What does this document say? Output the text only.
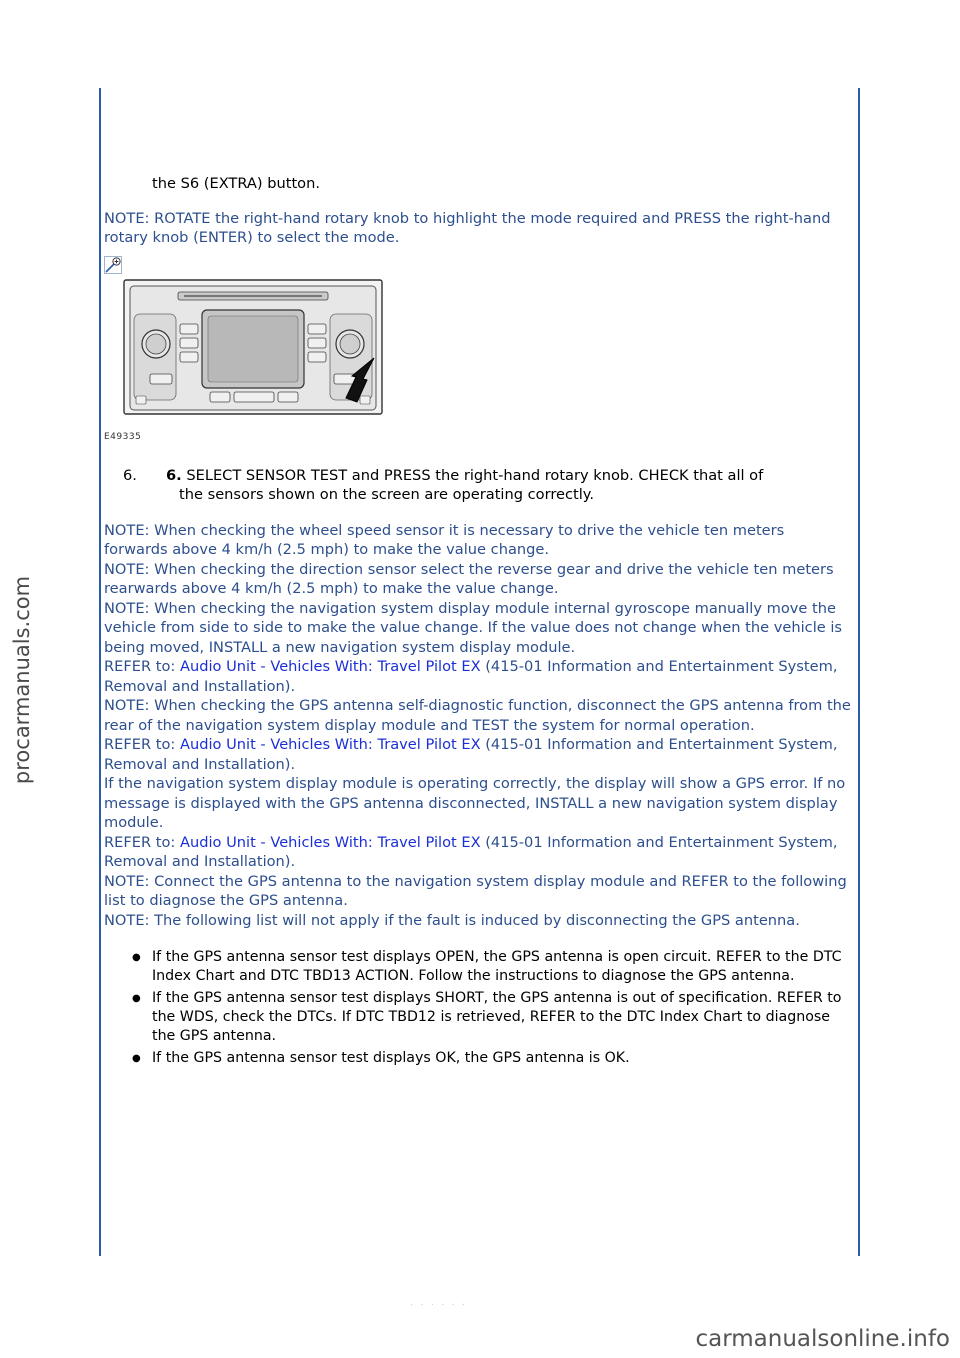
procarmanuals.com

the S6 (EXTRA) button.

NOTE: ROTATE the right-hand rotary knob to highlight the mode required and PRESS the right-hand rotary knob (ENTER) to select the mode.

E49335
6. 6. SELECT SENSOR TEST and PRESS the right-hand rotary knob. CHECK that all of
the sensors shown on the screen are operating correctly.

NOTE: When checking the wheel speed sensor it is necessary to drive the vehicle ten meters forwards above 4 km/h (2.5 mph) to make the value change.

NOTE: When checking the direction sensor select the reverse gear and drive the vehicle ten meters rearwards above 4 km/h (2.5 mph) to make the value change.

NOTE: When checking the navigation system display module internal gyroscope manually move the vehicle from side to side to make the value change. If the value does not change when the vehicle is being moved, INSTALL a new navigation system display module.

REFER to: Audio Unit - Vehicles With: Travel Pilot EX (415-01 Information and Entertainment System, Removal and Installation).

NOTE: When checking the GPS antenna self-diagnostic function, disconnect the GPS antenna from the rear of the navigation system display module and TEST the system for normal operation.

REFER to: Audio Unit - Vehicles With: Travel Pilot EX (415-01 Information and Entertainment System, Removal and Installation).

If the navigation system display module is operating correctly, the display will show a GPS error. If no message is displayed with the GPS antenna disconnected, INSTALL a new navigation system display module.

REFER to: Audio Unit - Vehicles With: Travel Pilot EX (415-01 Information and Entertainment System, Removal and Installation).

NOTE: Connect the GPS antenna to the navigation system display module and REFER to the following list to diagnose the GPS antenna.

NOTE: The following list will not apply if the fault is induced by disconnecting the GPS antenna.

● If the GPS antenna sensor test displays OPEN, the GPS antenna is open circuit. REFER to the DTC Index Chart and DTC TBD13 ACTION. Follow the instructions to diagnose the GPS antenna.
● If the GPS antenna sensor test displays SHORT, the GPS antenna is out of specification. REFER to the WDS, check the DTCs. If DTC TBD12 is retrieved, REFER to the DTC Index Chart to diagnose the GPS antenna.
● If the GPS antenna sensor test displays OK, the GPS antenna is OK.
· · · · · ·
carmanualsonline.info
